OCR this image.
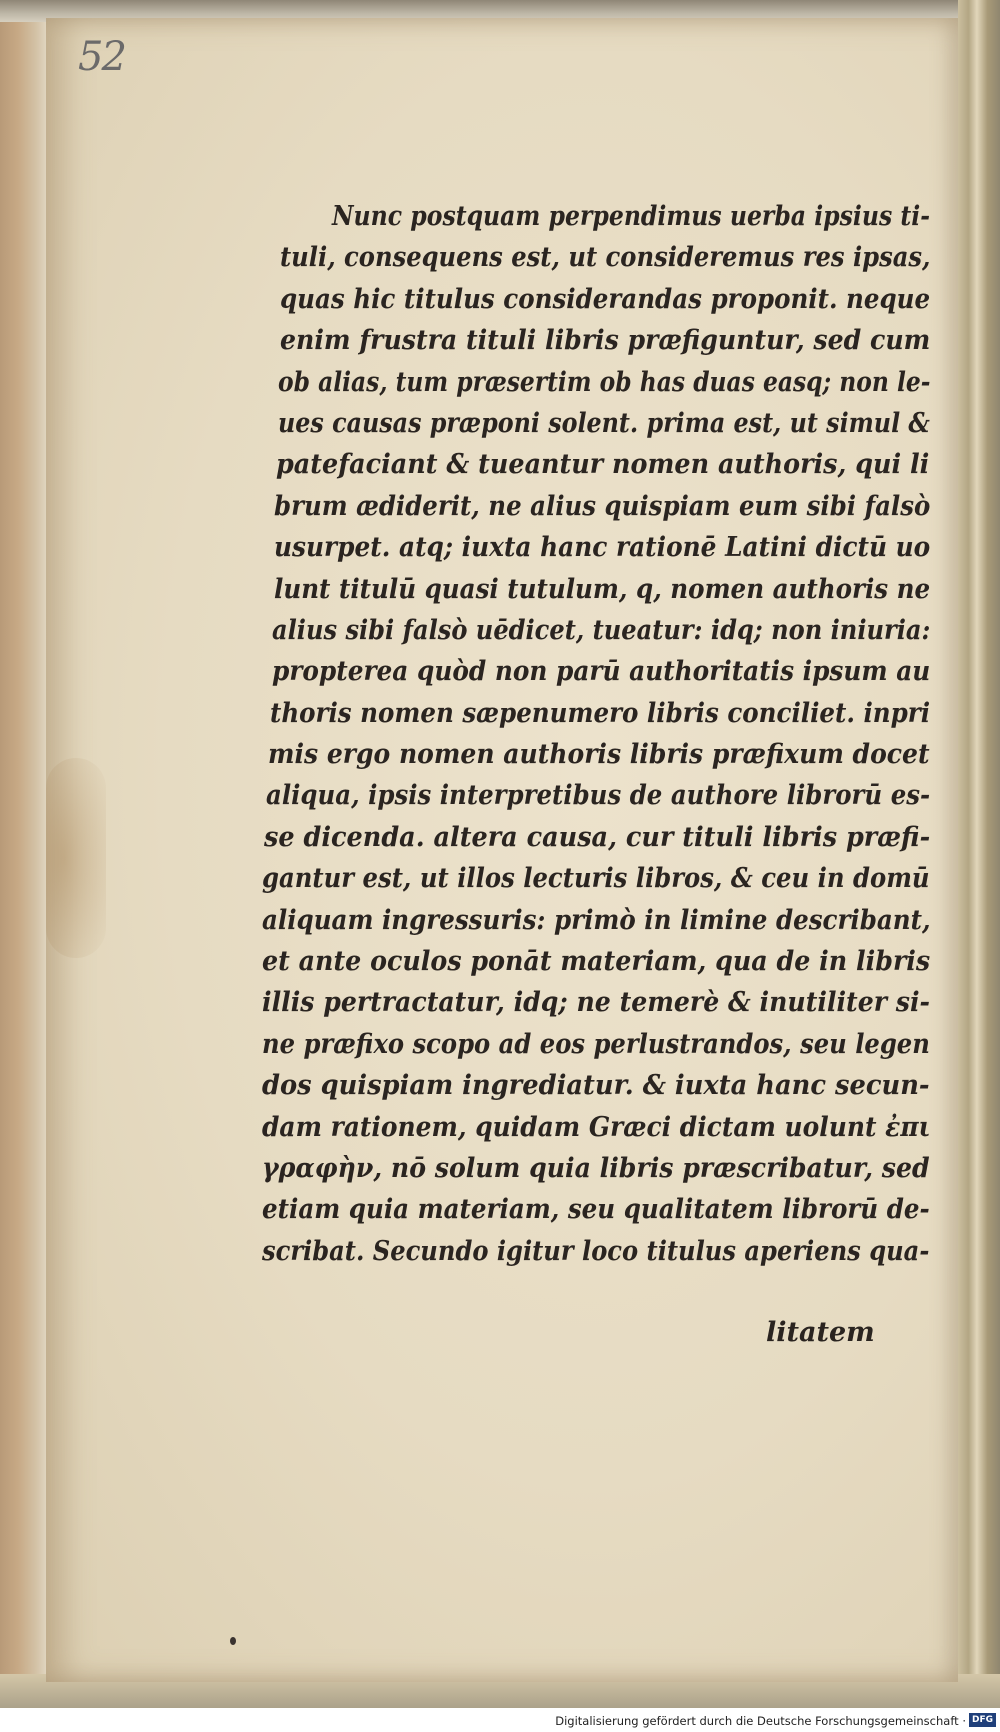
52
Nunc postquam perpendimus uerba ipsius ti‑
tuli, consequens est, ut consideremus res ipsas,
quas hic titulus considerandas proponit. neque
enim frustra tituli libris præfiguntur, sed cum
ob alias, tum præsertim ob has duas easq; non le‑
ues causas præponi solent. prima est, ut simul &
patefaciant & tueantur nomen authoris, qui li
brum ædiderit, ne alius quispiam eum sibi falsò
usurpet. atq; iuxta hanc rationē Latini dictū uo
lunt titulū quasi tutulum, q, nomen authoris ne
alius sibi falsò uēdicet, tueatur: idq; non iniuria:
propterea quòd non parū authoritatis ipsum au
thoris nomen sæpenumero libris conciliet. inpri
mis ergo nomen authoris libris præfixum docet
aliqua, ipsis interpretibus de authore librorū es‑
se dicenda. altera causa, cur tituli libris præfi‑
gantur est, ut illos lecturis libros, & ceu in domū
aliquam ingressuris: primò in limine describant,
et ante oculos ponāt materiam, qua de in libris
illis pertractatur, idq; ne temerè & inutiliter si‑
ne præfixo scopo ad eos perlustrandos, seu legen
dos quispiam ingrediatur. & iuxta hanc secun‑
dam rationem, quidam Græci dictam uolunt ἐπι
γραφὴν, nō solum quia libris præscribatur, sed
etiam quia materiam, seu qualitatem librorū de‑
scribat. Secundo igitur loco titulus aperiens qua‑
litatem
Digitalisierung gefördert durch die Deutsche Forschungsgemeinschaft · DFG
